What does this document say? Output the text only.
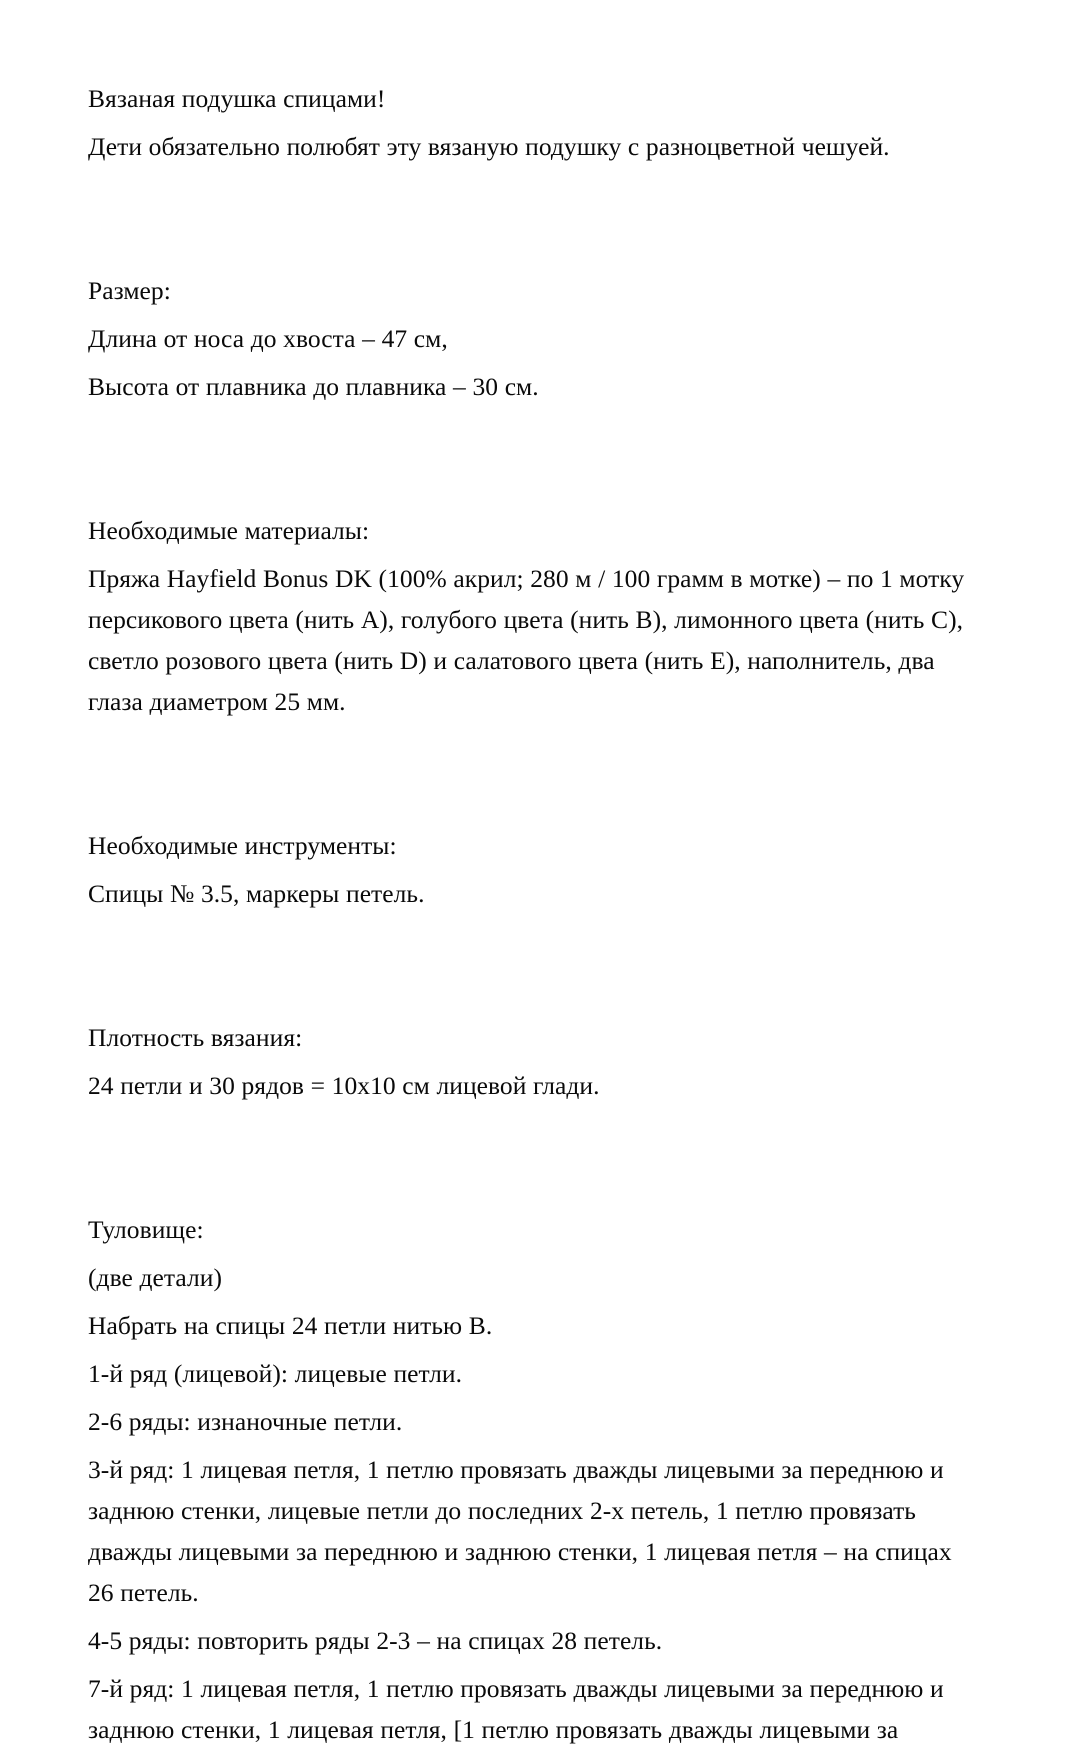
Вязаная подушка спицами!

Дети обязательно полюбят эту вязаную подушку с разноцветной чешуей.

Размер:

Длина от носа до хвоста – 47 см,

Высота от плавника до плавника – 30 см.

Необходимые материалы:

Пряжа Hayfield Bonus DK (100% акрил; 280 м / 100 грамм в мотке) – по 1 мотку персикового цвета (нить A), голубого цвета (нить B), лимонного цвета (нить C), светло розового цвета (нить D) и салатового цвета (нить E), наполнитель, два глаза диаметром 25 мм.

Необходимые инструменты:

Спицы № 3.5, маркеры петель.

Плотность вязания:

24 петли и 30 рядов = 10x10 см лицевой глади.

Туловище:

(две детали)

Набрать на спицы 24 петли нитью B.

1-й ряд (лицевой): лицевые петли.

2-6 ряды: изнаночные петли.

3-й ряд: 1 лицевая петля, 1 петлю провязать дважды лицевыми за переднюю и заднюю стенки, лицевые петли до последних 2-х петель, 1 петлю провязать дважды лицевыми за переднюю и заднюю стенки, 1 лицевая петля – на спицах 26 петель.

4-5 ряды: повторить ряды 2-3 – на спицах 28 петель.

7-й ряд: 1 лицевая петля, 1 петлю провязать дважды лицевыми за переднюю и заднюю стенки, 1 лицевая петля, [1 петлю провязать дважды лицевыми за
